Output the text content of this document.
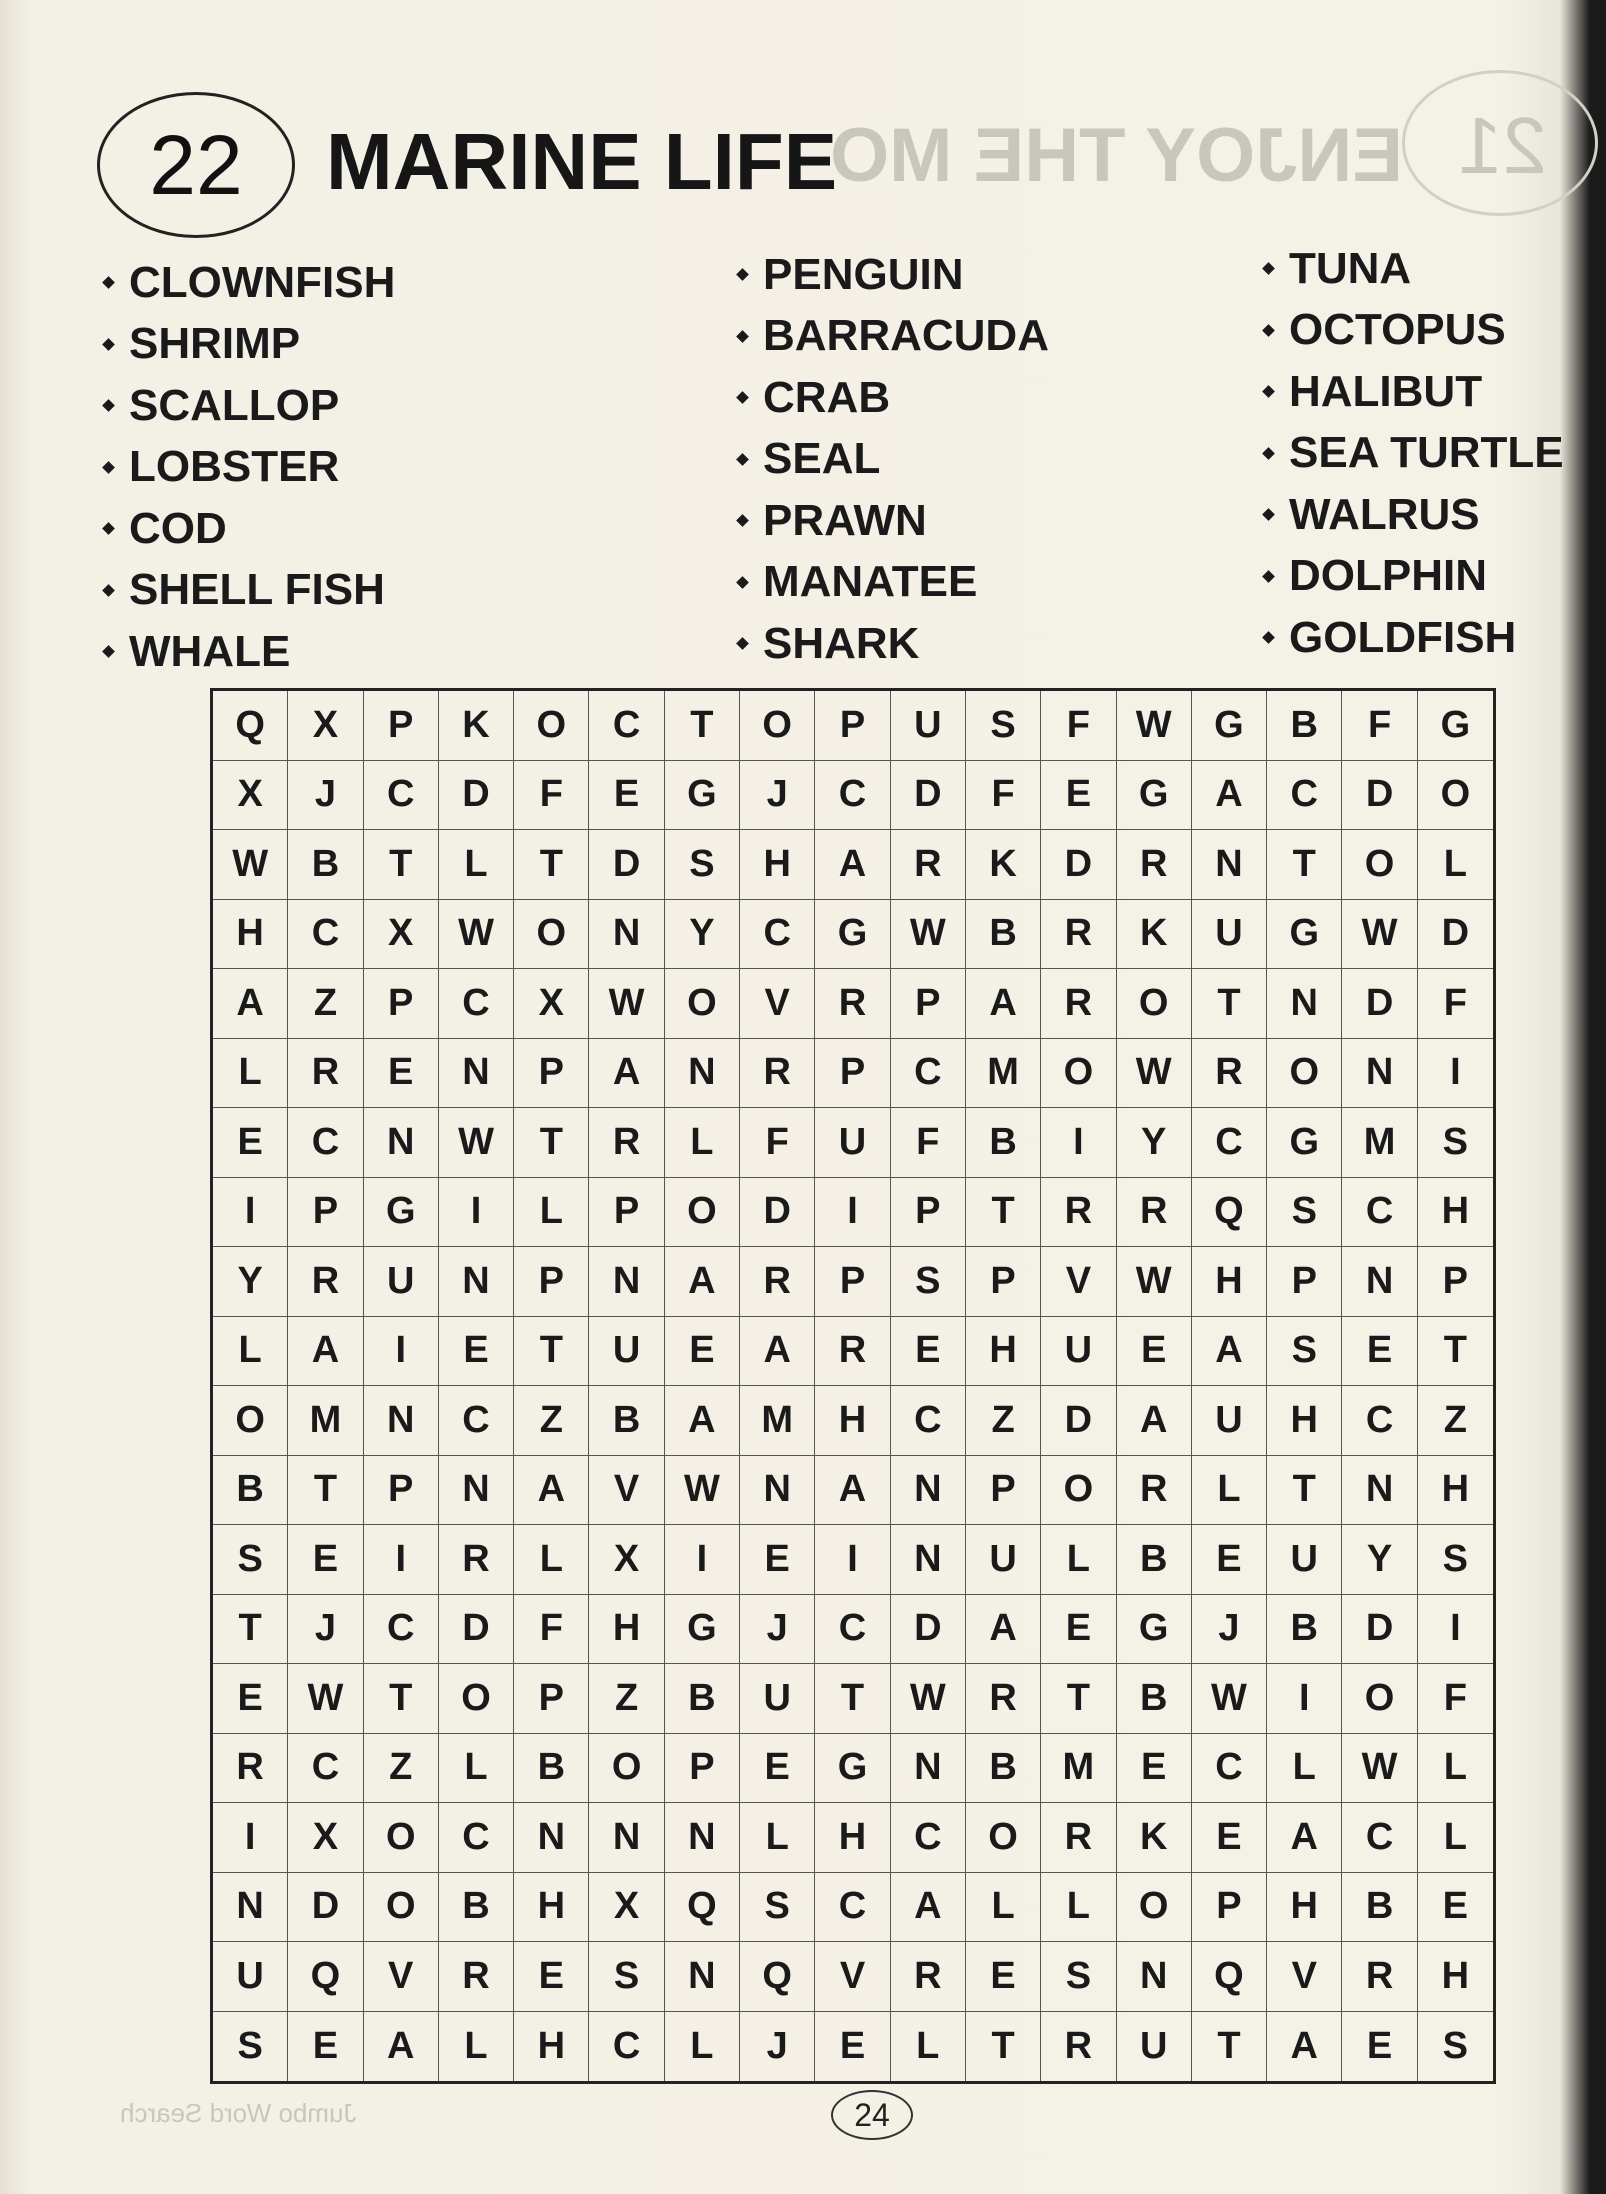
21
ENJOY THE MO
Jumbo Word Search
22 MARINE LIFE
CLOWNFISH
SHRIMP
SCALLOP
LOBSTER
COD
SHELL FISH
WHALE
PENGUIN
BARRACUDA
CRAB
SEAL
PRAWN
MANATEE
SHARK
TUNA
OCTOPUS
HALIBUT
SEA TURTLE
WALRUS
DOLPHIN
GOLDFISH
Q	X	P	K	O	C	T	O	P	U	S	F	W	G	B	F	G
X	J	C	D	F	E	G	J	C	D	F	E	G	A	C	D	O
W	B	T	L	T	D	S	H	A	R	K	D	R	N	T	O	L
H	C	X	W	O	N	Y	C	G	W	B	R	K	U	G	W	D
A	Z	P	C	X	W	O	V	R	P	A	R	O	T	N	D	F
L	R	E	N	P	A	N	R	P	C	M	O	W	R	O	N	I
E	C	N	W	T	R	L	F	U	F	B	I	Y	C	G	M	S
I	P	G	I	L	P	O	D	I	P	T	R	R	Q	S	C	H
Y	R	U	N	P	N	A	R	P	S	P	V	W	H	P	N	P
L	A	I	E	T	U	E	A	R	E	H	U	E	A	S	E	T
O	M	N	C	Z	B	A	M	H	C	Z	D	A	U	H	C	Z
B	T	P	N	A	V	W	N	A	N	P	O	R	L	T	N	H
S	E	I	R	L	X	I	E	I	N	U	L	B	E	U	Y	S
T	J	C	D	F	H	G	J	C	D	A	E	G	J	B	D	I
E	W	T	O	P	Z	B	U	T	W	R	T	B	W	I	O	F
R	C	Z	L	B	O	P	E	G	N	B	M	E	C	L	W	L
I	X	O	C	N	N	N	L	H	C	O	R	K	E	A	C	L
N	D	O	B	H	X	Q	S	C	A	L	L	O	P	H	B	E
U	Q	V	R	E	S	N	Q	V	R	E	S	N	Q	V	R	H
S	E	A	L	H	C	L	J	E	L	T	R	U	T	A	E	S
24
